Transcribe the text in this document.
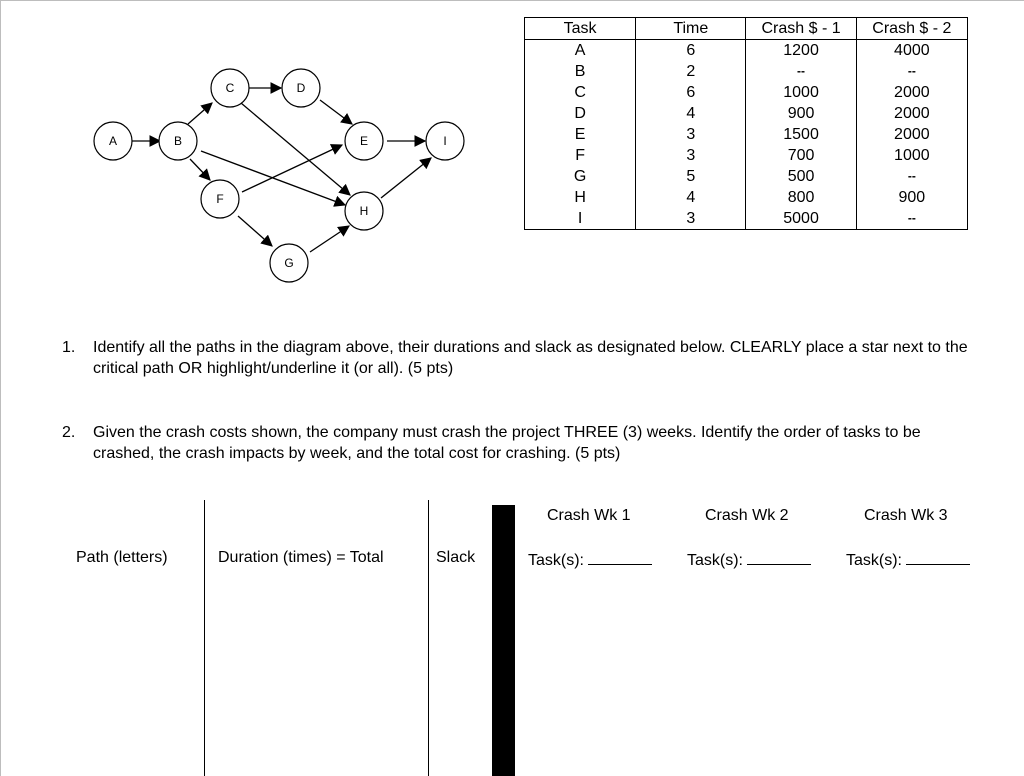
A	B
C	D
E
F
G
H
I
Task	Time	Crash $ - 1	Crash $ - 2
A	6	1200	4000
B	2	--	--
C	6	1000	2000
D	4	900	2000
E	3	1500	2000
F	3	700	1000
G	5	500	--
H	4	800	900
I	3	5000	--
1. Identify all the paths in the diagram above, their durations and slack as designated below. CLEARLY place a star next to the critical path OR highlight/underline it (or all). (5 pts)
2. Given the crash costs shown, the company must crash the project THREE (3) weeks. Identify the order of tasks to be crashed, the crash impacts by week, and the total cost for crashing. (5 pts)
Path (letters)	Duration (times) = Total	Slack
Crash Wk 1	Crash Wk 2	Crash Wk 3
Task(s):	Task(s):	Task(s):
